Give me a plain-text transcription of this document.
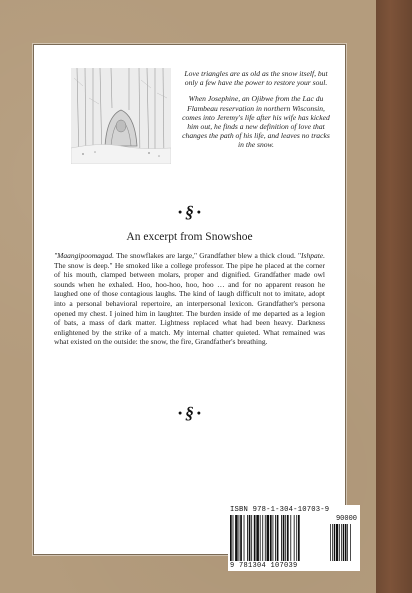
Love triangles are as old as the snow itself, but only a few have the power to restore your soul.

When Josephine, an Ojibwe from the Lac du Flambeau reservation in northern Wisconsin, comes into Jeremy's life after his wife has kicked him out, he finds a new definition of love that changes the path of his life, and leaves no tracks in the snow.

● § ●
An excerpt from Snowshoe
"Maangipoomagad. The snowflakes are large," Grandfather blew a thick cloud. "Ishpate. The snow is deep." He smoked like a college professor. The pipe he placed at the corner of his mouth, clamped between molars, proper and dignified. Grandfather made owl sounds when he exhaled. Hoo, hoo-hoo, hoo, hoo … and for no apparent reason he laughed one of those contagious laughs. The kind of laugh difficult not to imitate, adopt into a personal behavioral repertoire, an interpersonal lexicon. Grandfather's persona opened my chest. I joined him in laughter. The burden inside of me departed as a legion of bats, a mass of dark matter. Lightness replaced what had been heavy. Darkness enlightened by the strike of a match. My internal chatter quieted. What remained was what existed on the outside: the snow, the fire, Grandfather's breathing.
● § ●
ISBN 978-1-304-10703-9
90000
9 781304 107039
